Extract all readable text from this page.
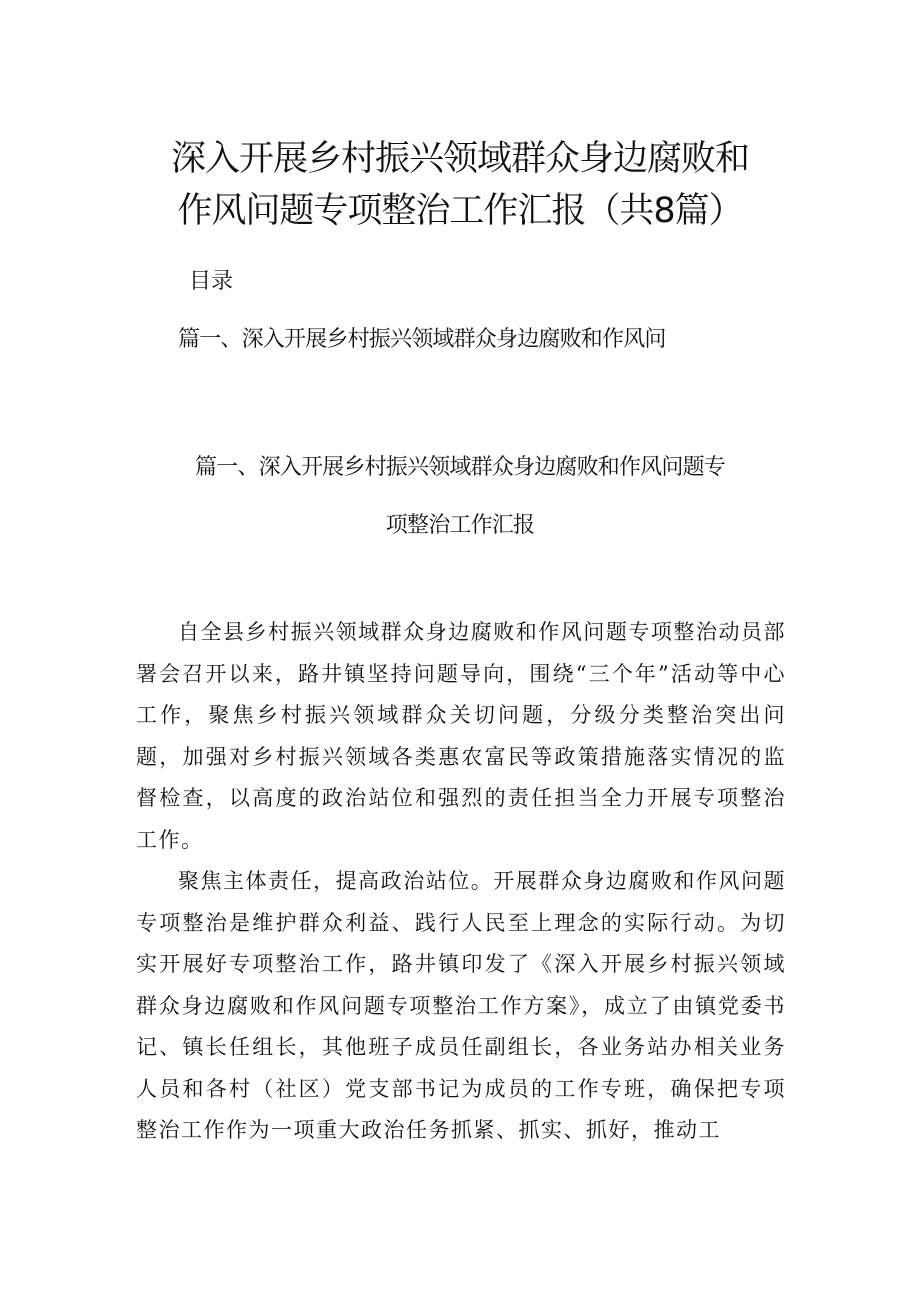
深入开展乡村振兴领域群众身边腐败和作风问题专项整治工作汇报（共8篇）
目录
篇一、深入开展乡村振兴领域群众身边腐败和作风问
篇一、深入开展乡村振兴领域群众身边腐败和作风问题专
项整治工作汇报

自全县乡村振兴领域群众身边腐败和作风问题专项整治动员部署会召开以来，路井镇坚持问题导向，围绕“三个年”活动等中心工作，聚焦乡村振兴领域群众关切问题，分级分类整治突出问题，加强对乡村振兴领域各类惠农富民等政策措施落实情况的监督检查，以高度的政治站位和强烈的责任担当全力开展专项整治工作。

聚焦主体责任，提高政治站位。开展群众身边腐败和作风问题专项整治是维护群众利益、践行人民至上理念的实际行动。为切实开展好专项整治工作，路井镇印发了《深入开展乡村振兴领域群众身边腐败和作风问题专项整治工作方案》，成立了由镇党委书记、镇长任组长，其他班子成员任副组长，各业务站办相关业务人员和各村（社区）党支部书记为成员的工作专班，确保把专项整治工作作为一项重大政治任务抓紧、抓实、抓好，推动工
